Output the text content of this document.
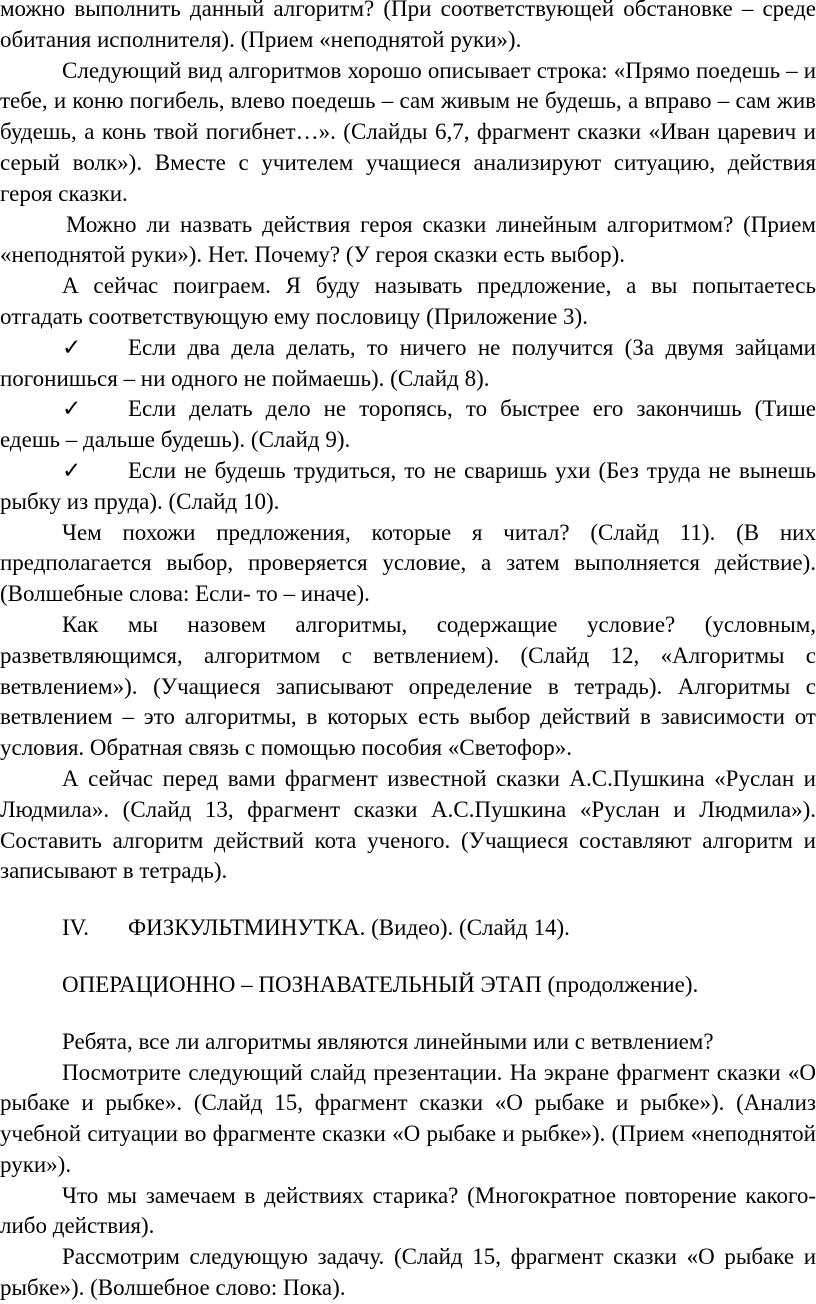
можно выполнить данный алгоритм? (При соответствующей обстановке – среде обитания исполнителя). (Прием «неподнятой руки»).

Следующий вид алгоритмов хорошо описывает строка: «Прямо поедешь – и тебе, и коню погибель, влево поедешь – сам живым не будешь, а вправо – сам жив будешь, а конь твой погибнет…». (Слайды 6,7, фрагмент сказки «Иван царевич и серый волк»). Вместе с учителем учащиеся анализируют ситуацию, действия героя сказки.

Можно ли назвать действия героя сказки линейным алгоритмом? (Прием «неподнятой руки»). Нет. Почему? (У героя сказки есть выбор).

А сейчас поиграем. Я буду называть предложение, а вы попытаетесь отгадать соответствующую ему пословицу (Приложение 3).

✓ Если два дела делать, то ничего не получится (За двумя зайцами погонишься – ни одного не поймаешь). (Слайд 8).

✓ Если делать дело не торопясь, то быстрее его закончишь (Тише едешь – дальше будешь). (Слайд 9).

✓ Если не будешь трудиться, то не сваришь ухи (Без труда не вынешь рыбку из пруда). (Слайд 10).

Чем похожи предложения, которые я читал? (Слайд 11). (В них предполагается выбор, проверяется условие, а затем выполняется действие). (Волшебные слова: Если- то – иначе).

Как мы назовем алгоритмы, содержащие условие? (условным, разветвляющимся, алгоритмом с ветвлением). (Слайд 12, «Алгоритмы с ветвлением»). (Учащиеся записывают определение в тетрадь). Алгоритмы с ветвлением – это алгоритмы, в которых есть выбор действий в зависимости от условия. Обратная связь с помощью пособия «Светофор».

А сейчас перед вами фрагмент известной сказки А.С.Пушкина «Руслан и Людмила». (Слайд 13, фрагмент сказки А.С.Пушкина «Руслан и Людмила»). Составить алгоритм действий кота ученого. (Учащиеся составляют алгоритм и записывают в тетрадь).

IV. ФИЗКУЛЬТМИНУТКА. (Видео). (Слайд 14).

ОПЕРАЦИОННО – ПОЗНАВАТЕЛЬНЫЙ ЭТАП (продолжение).

Ребята, все ли алгоритмы являются линейными или с ветвлением?

Посмотрите следующий слайд презентации. На экране фрагмент сказки «О рыбаке и рыбке». (Слайд 15, фрагмент сказки «О рыбаке и рыбке»). (Анализ учебной ситуации во фрагменте сказки «О рыбаке и рыбке»). (Прием «неподнятой руки»).

Что мы замечаем в действиях старика? (Многократное повторение какого-либо действия).

Рассмотрим следующую задачу. (Слайд 15, фрагмент сказки «О рыбаке и рыбке»). (Волшебное слово: Пока).
